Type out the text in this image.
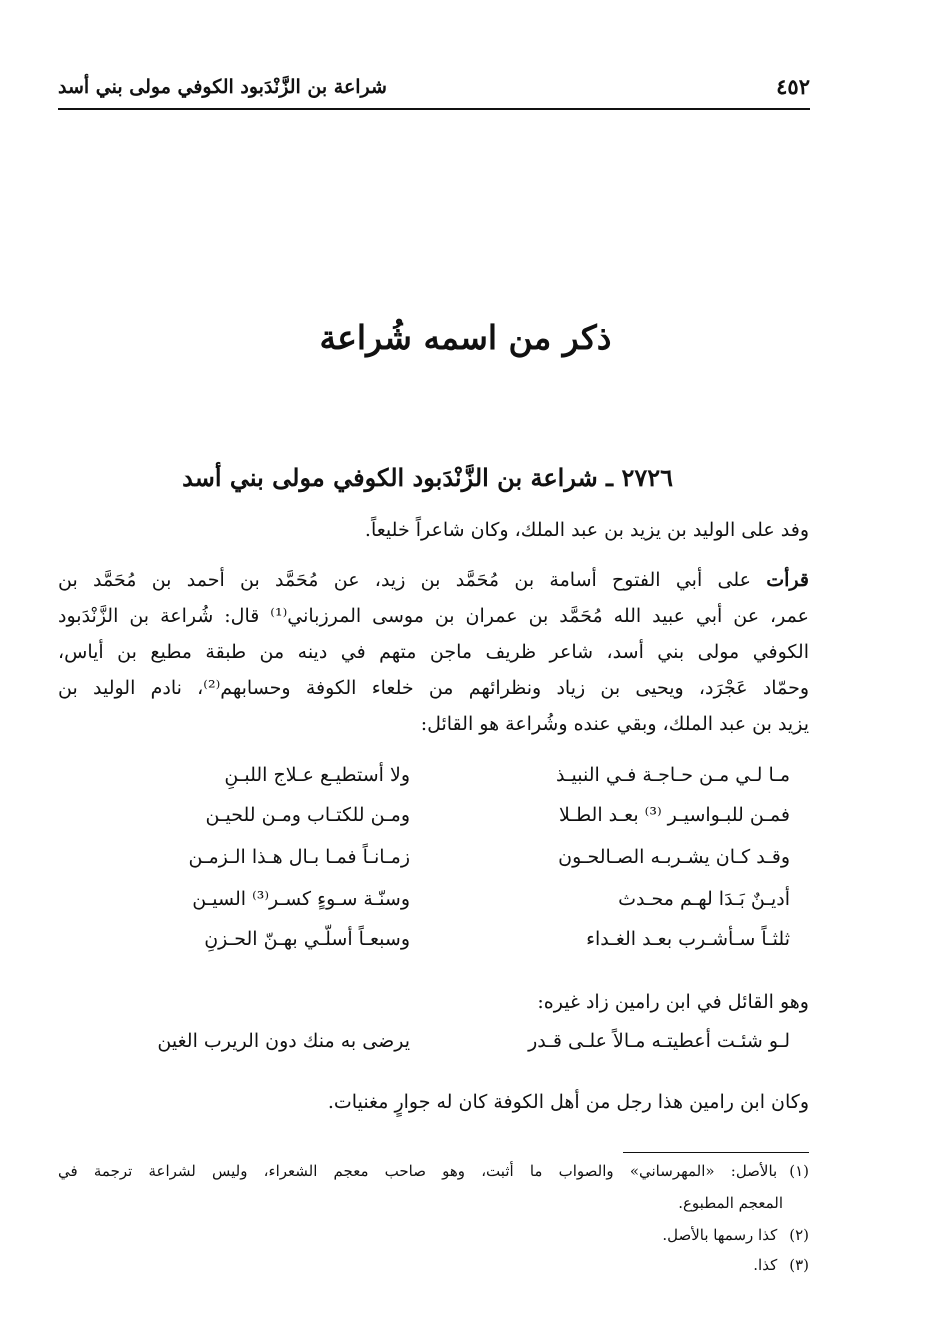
٤٥٢
شراعة بن الزَّنْدَبود الكوفي مولى بني أسد
ذكر من اسمه شُراعة
٢٧٢٦ ـ شراعة بن الزَّنْدَبود الكوفي مولى بني أسد
وفد على الوليد بن يزيد بن عبد الملك، وكان شاعراً خليعاً.
قرأت على أبي الفتوح أسامة بن مُحَمَّد بن زيد، عن مُحَمَّد بن أحمد بن مُحَمَّد بن
عمر، عن أبي عبيد الله مُحَمَّد بن عمران بن موسى المرزباني⁽¹⁾ قال: شُراعة بن الزَّنْدَبود
الكوفي مولى بني أسد، شاعر ظريف ماجن متهم في دينه من طبقة مطيع بن أياس،
وحمّاد عَجْرَد، ويحيى بن زياد ونظرائهم من خلعاء الكوفة وحسابهم⁽²⁾، نادم الوليد بن
يزيد بن عبد الملك، وبقي عنده وشُراعة هو القائل:
مـا لـي مـن حـاجـة فـي النبيـذ
ولا أستطيـع عـلاج اللبـنِ
فمـن للبـواسيـر ⁽³⁾ بعـد الطـلا
ومـن للكتـاب ومـن للحيـن
وقـد كـان يشـربـه الصـالحـون
زمـانـاً فمـا بـال هـذا الـزمـن
أديـنٌ بَـدَا لهـم محـدث
وسنّـة سـوءٍ كسـر⁽³⁾ السيـن
ثلثـاً سـأشـرب بعـد الغـداء
وسبعـاً أسلّـي بهـنّ الحـزنِ
وهو القائل في ابن رامين زاد غيره:
لـو شئـت أعطيتـه مـالاً علـى قـدر
يرضى به منك دون الريرب الغين
وكان ابن رامين هذا رجل من أهل الكوفة كان له جوارٍ مغنيات.
(١)بالأصل: «المهرساني» والصواب ما أثبت، وهو صاحب معجم الشعراء، وليس لشراعة ترجمة في
المعجم المطبوع.
(٢)كذا رسمها بالأصل.
(٣)كذا.
